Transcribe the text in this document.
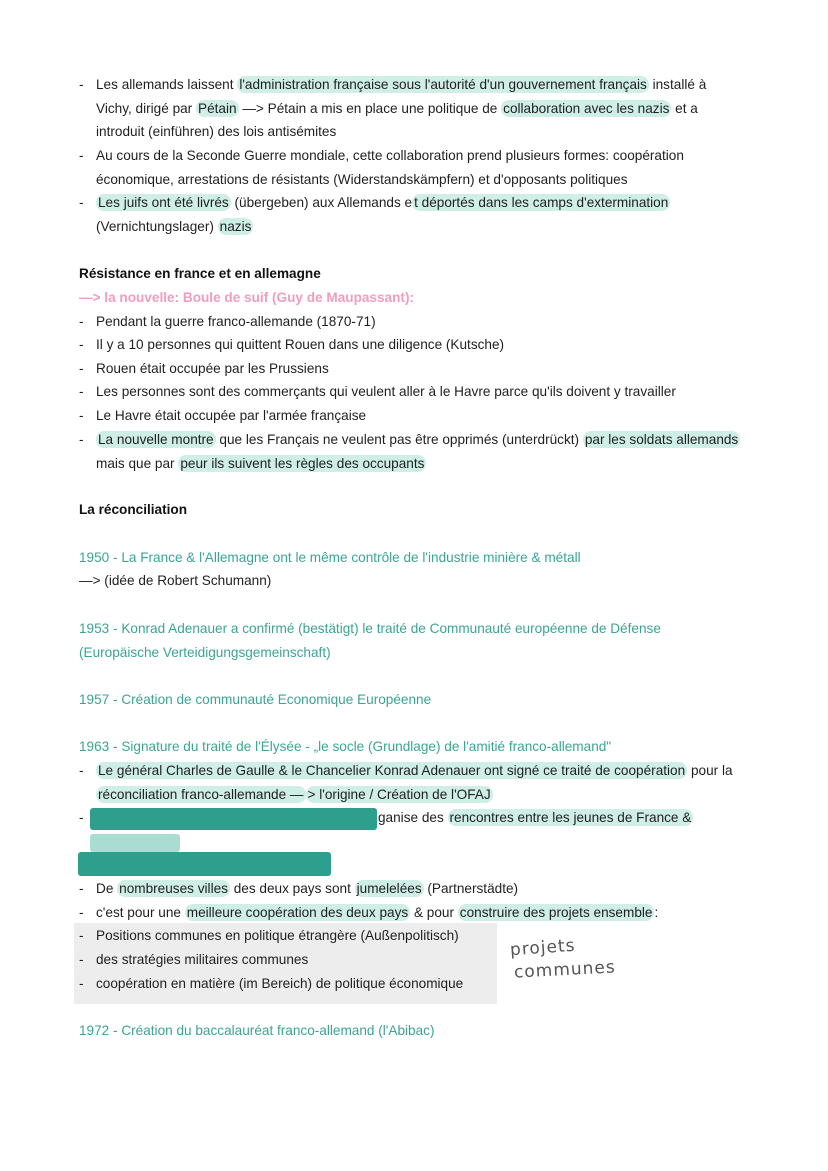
- Les allemands laissent l'administration française sous l'autorité d'un gouvernement français installé à
Vichy, dirigé par Pétain —> Pétain a mis en place une politique de collaboration avec les nazis et a
introduit (einführen) des lois antisémites
- Au cours de la Seconde Guerre mondiale, cette collaboration prend plusieurs formes: coopération
économique, arrestations de résistants (Widerstandskämpfern) et d'opposants politiques
- Les juifs ont été livrés (übergeben) aux Allemands e t déportés dans les camps d'extermination
(Vernichtungslager) nazis
Résistance en france et en allemagne
—> la nouvelle: Boule de suif (Guy de Maupassant):
- Pendant la guerre franco-allemande (1870-71)
- Il y a 10 personnes qui quittent Rouen dans une diligence (Kutsche)
- Rouen était occupée par les Prussiens
- Les personnes sont des commerçants qui veulent aller à le Havre parce qu'ils doivent y travailler
- Le Havre était occupée par l'armée française
- La nouvelle montre que les Français ne veulent pas être opprimés (unterdrückt) par les soldats allemands
mais que par peur ils suivent les règles des occupants
La réconciliation
1950 - La France & l'Allemagne ont le même contrôle de l'industrie minière & métall
—> (idée de Robert Schumann)
1953 - Konrad Adenauer a confirmé (bestätigt) le traité de Communauté européenne de Défense
(Europäische Verteidigungsgemeinschaft)
1957 - Création de communauté Economique Européenne
1963 - Signature du traité de l'Élysée - „le socle (Grundlage) de l'amitié franco-allemand"
- Le général Charles de Gaulle & le Chancelier Konrad Adenauer ont signé ce traité de coopération pour la
réconciliation franco-allemande — > l'origine / Création de l'OFAJ
-	ganise des rencontres entre les jeunes de France &
- De nombreuses villes des deux pays sont jumelelées (Partnerstädte)
- c'est pour une meilleure coopération des deux pays & pour construire des projets ensemble :
- Positions communes en politique étrangère (Außenpolitisch)
- des stratégies militaires communes
- coopération en matière (im Bereich) de politique économique
projets
communes
1972 - Création du baccalauréat franco-allemand (l'Abibac)
